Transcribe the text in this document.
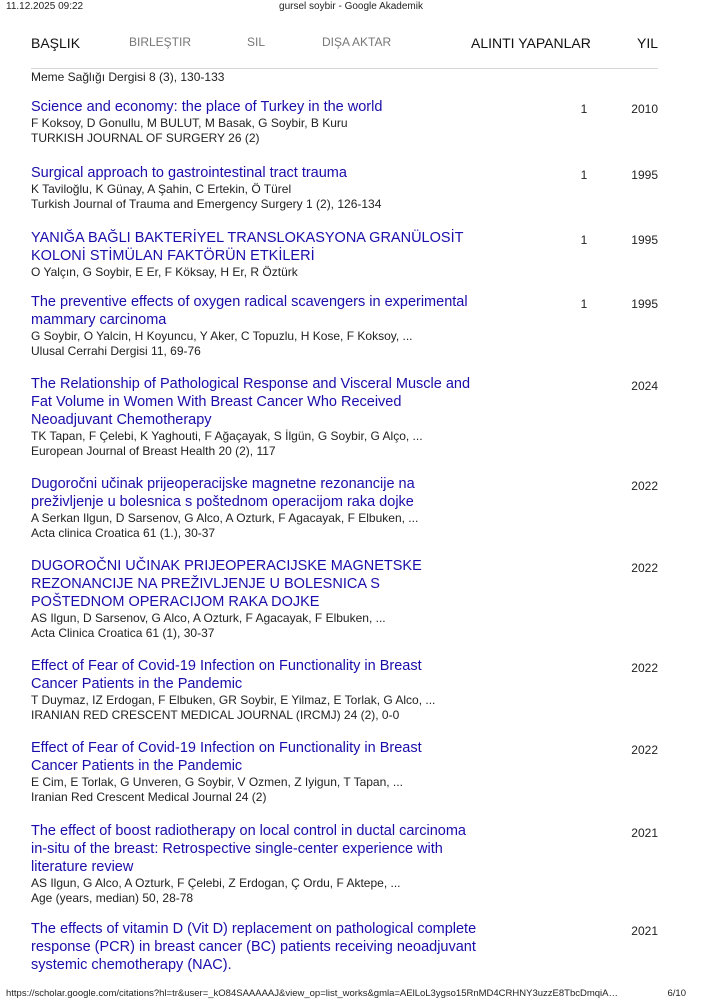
11.12.2025 09:22	gursel soybir - Google Akademik
BAŞLIK	BIRLEŞTIR	SIL	DIŞA AKTAR	ALINTI YAPANLAR	YIL
Meme Sağlığı Dergisi 8 (3), 130-133
Science and economy: the place of Turkey in the world
F Koksoy, D Gonullu, M BULUT, M Basak, G Soybir, B Kuru
TURKISH JOURNAL OF SURGERY 26 (2)
1	2010
Surgical approach to gastrointestinal tract trauma
K Taviloğlu, K Günay, A Şahin, C Ertekin, Ö Türel
Turkish Journal of Trauma and Emergency Surgery 1 (2), 126-134
1	1995
YANIĞA BAĞLI BAKTERİYEL TRANSLOKASYONA GRANÜLOSİT KOLONİ STİMÜLAN FAKTÖRÜN ETKİLERİ
O Yalçın, G Soybir, E Er, F Köksay, H Er, R Öztürk
1	1995
The preventive effects of oxygen radical scavengers in experimental mammary carcinoma
G Soybir, O Yalcin, H Koyuncu, Y Aker, C Topuzlu, H Kose, F Koksoy, ...
Ulusal Cerrahi Dergisi 11, 69-76
1	1995
The Relationship of Pathological Response and Visceral Muscle and Fat Volume in Women With Breast Cancer Who Received Neoadjuvant Chemotherapy
TK Tapan, F Çelebi, K Yaghouti, F Ağaçayak, S İlgün, G Soybir, G Alço, ...
European Journal of Breast Health 20 (2), 117
2024
Dugoročni učinak prijeoperacijske magnetne rezonancije na preživljenje u bolesnica s poštednom operacijom raka dojke
A Serkan Ilgun, D Sarsenov, G Alco, A Ozturk, F Agacayak, F Elbuken, ...
Acta clinica Croatica 61 (1.), 30-37
2022
DUGOROČNI UČINAK PRIJEOPERACIJSKE MAGNETSKE REZONANCIJE NA PREŽIVLJENJE U BOLESNICA S POŠTEDNOM OPERACIJOM RAKA DOJKE
AS Ilgun, D Sarsenov, G Alco, A Ozturk, F Agacayak, F Elbuken, ...
Acta Clinica Croatica 61 (1), 30-37
2022
Effect of Fear of Covid-19 Infection on Functionality in Breast Cancer Patients in the Pandemic
T Duymaz, IZ Erdogan, F Elbuken, GR Soybir, E Yilmaz, E Torlak, G Alco, ...
IRANIAN RED CRESCENT MEDICAL JOURNAL (IRCMJ) 24 (2), 0-0
2022
Effect of Fear of Covid-19 Infection on Functionality in Breast Cancer Patients in the Pandemic
E Cim, E Torlak, G Unveren, G Soybir, V Ozmen, Z Iyigun, T Tapan, ...
Iranian Red Crescent Medical Journal 24 (2)
2022
The effect of boost radiotherapy on local control in ductal carcinoma in-situ of the breast: Retrospective single-center experience with literature review
AS Ilgun, G Alco, A Ozturk, F Çelebi, Z Erdogan, Ç Ordu, F Aktepe, ...
Age (years, median) 50, 28-78
2021
The effects of vitamin D (Vit D) replacement on pathological complete response (PCR) in breast cancer (BC) patients receiving neoadjuvant systemic chemotherapy (NAC).
2021
https://scholar.google.com/citations?hl=tr&user=_kO84SAAAAAJ&view_op=list_works&gmla=AElLoL3ygso15RnMD4CRHNY3uzzE8TbcDmqiA…	6/10
